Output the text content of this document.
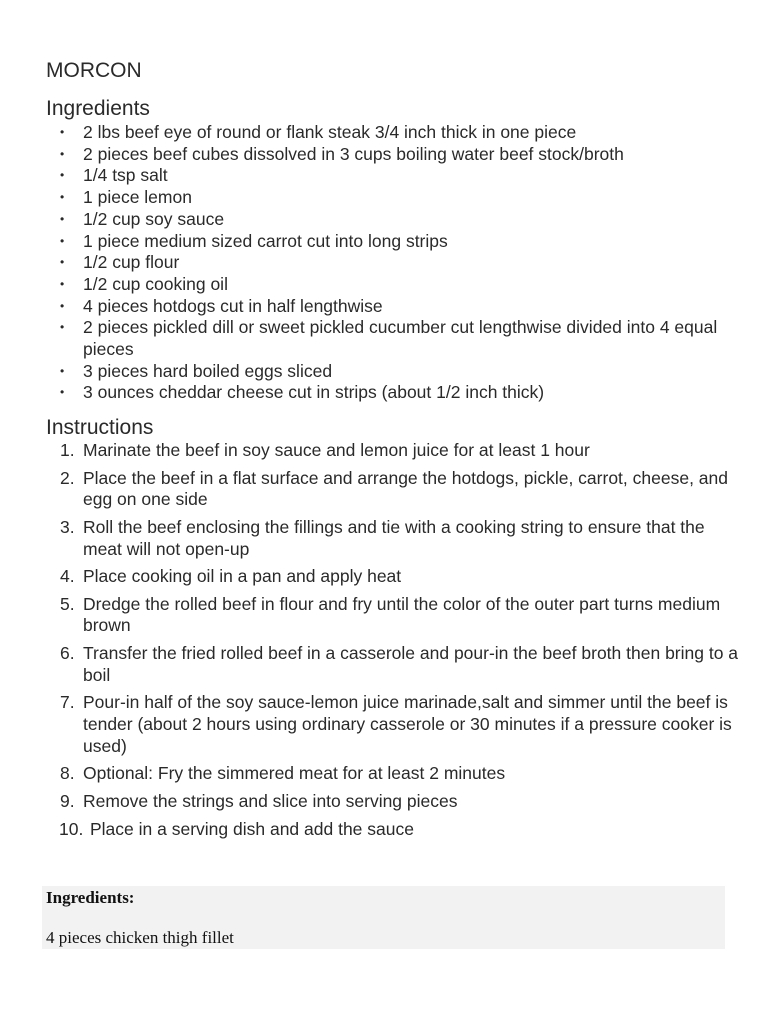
MORCON
Ingredients
• 2 lbs beef eye of round or flank steak 3/4 inch thick in one piece
• 2 pieces beef cubes dissolved in 3 cups boiling water beef stock/broth
• 1/4 tsp salt
• 1 piece lemon
• 1/2 cup soy sauce
• 1 piece medium sized carrot cut into long strips
• 1/2 cup flour
• 1/2 cup cooking oil
• 4 pieces hotdogs cut in half lengthwise
• 2 pieces pickled dill or sweet pickled cucumber cut lengthwise divided into 4 equal pieces
• 3 pieces hard boiled eggs sliced
• 3 ounces cheddar cheese cut in strips (about 1/2 inch thick)
Instructions
1. Marinate the beef in soy sauce and lemon juice for at least 1 hour
2. Place the beef in a flat surface and arrange the hotdogs, pickle, carrot, cheese, and egg on one side
3. Roll the beef enclosing the fillings and tie with a cooking string to ensure that the meat will not open-up
4. Place cooking oil in a pan and apply heat
5. Dredge the rolled beef in flour and fry until the color of the outer part turns medium brown
6. Transfer the fried rolled beef in a casserole and pour-in the beef broth then bring to a boil
7. Pour-in half of the soy sauce-lemon juice marinade,salt and simmer until the beef is tender (about 2 hours using ordinary casserole or 30 minutes if a pressure cooker is used)
8. Optional: Fry the simmered meat for at least 2 minutes
9. Remove the strings and slice into serving pieces
10. Place in a serving dish and add the sauce

Ingredients:

4 pieces chicken thigh fillet
